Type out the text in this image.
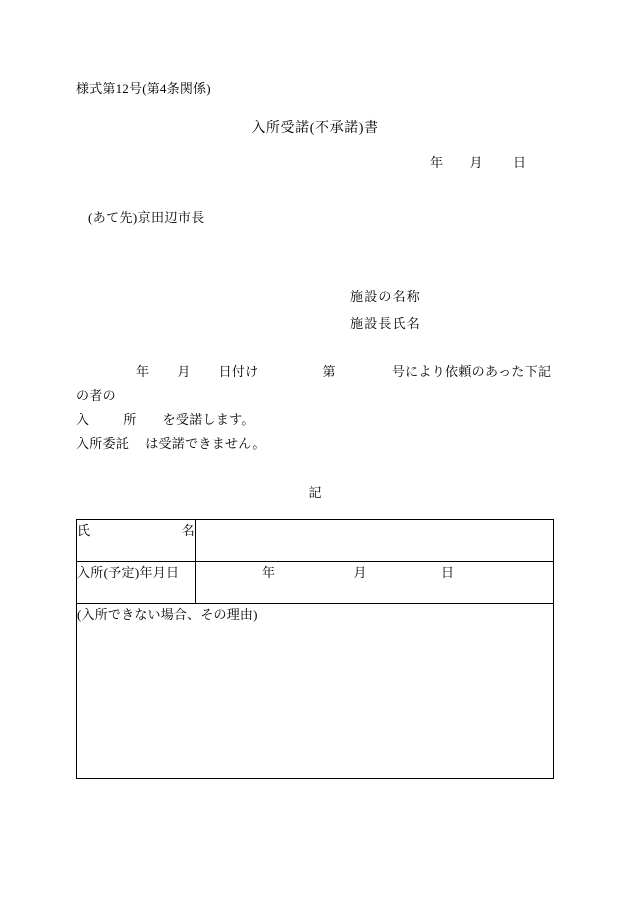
様式第12号(第4条関係)
入所受諾(不承諾)書
年 月 日
(あて先)京田辺市長
施設の名称
施設長氏名
年 月 日付け	第	号により依頼のあった下記の者の
入	所 を受諾します。
入所委託 は受諾できません。
記
氏 名	

入所(予定)年月日	年 月 日
(入所できない場合、その理由)	
